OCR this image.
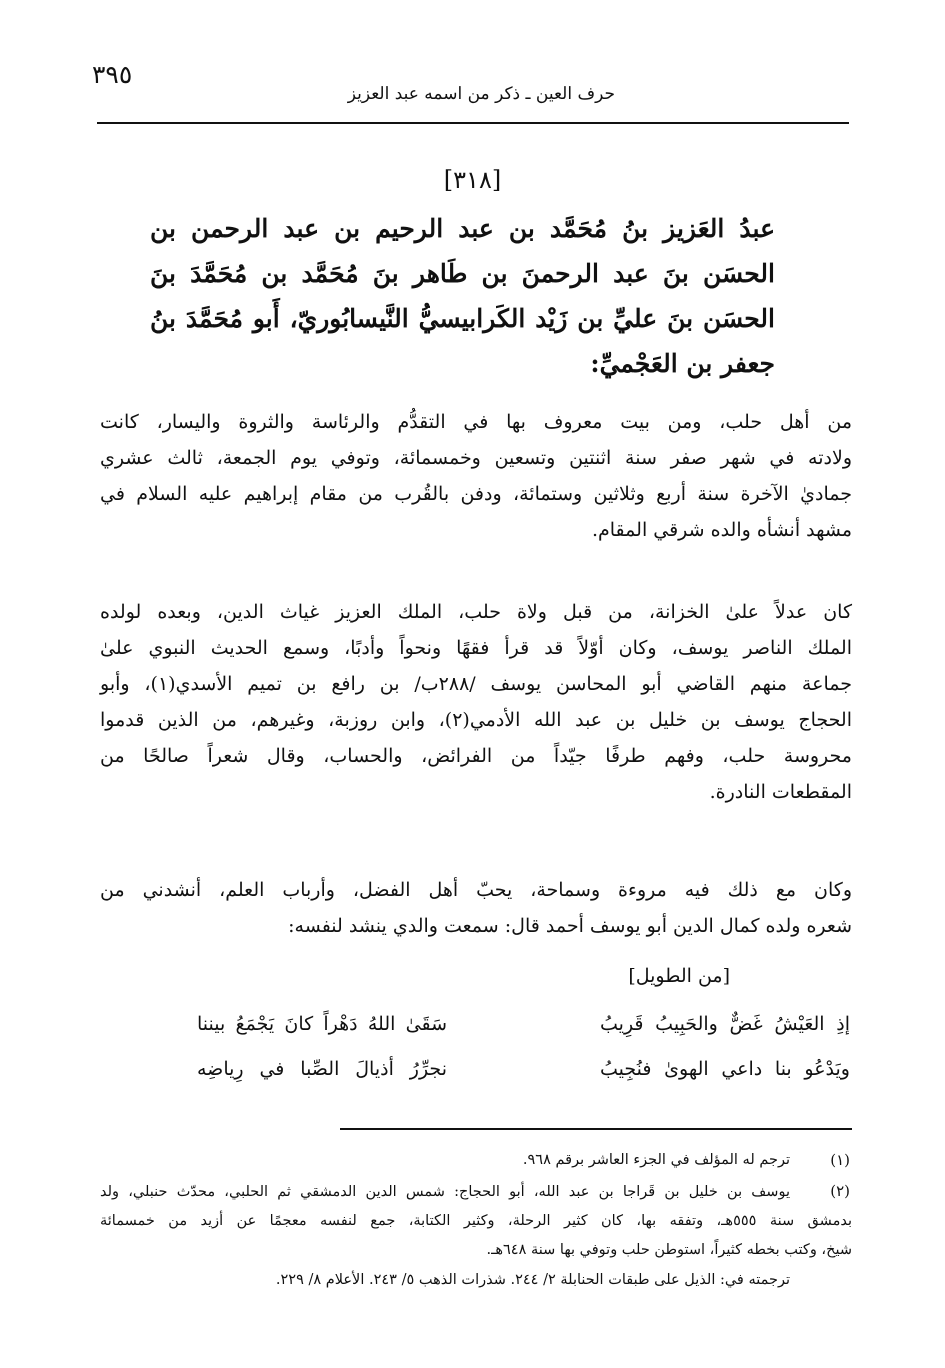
٣٩٥
حرف العين ـ ذكر من اسمه عبد العزيز
[٣١٨]
عبدُ العَزيز بنُ مُحَمَّد بن عبد الرحيم بن عبد الرحمن بن
الحسَن بنَ عبد الرحمنَ بن طَاهر بنَ مُحَمَّد بن مُحَمَّدَ بنَ
الحسَن بنَ عليِّ بن زَيْد الكَرابيسيُّ النَّيسابُوريّ، أَبو مُحَمَّدَ بنُ
جعفر بن العَجْميِّ:
من أهل حلب، ومن بيت معروف بها في التقدُّم والرئاسة والثروة واليسار، كانت
ولادته في شهر صفر سنة اثنتين وتسعين وخمسمائة، وتوفي يوم الجمعة، ثالث عشري
جماديٰ الآخرة سنة أربع وثلاثين وستمائة، ودفن بالقُرب من مقام إبراهيم عليه السلام في
مشهد أنشأه والده شرقي المقام.
كان عدلاً علىٰ الخزانة، من قبل ولاة حلب، الملك العزيز غياث الدين، وبعده لولده
الملك الناصر يوسف، وكان أوّلاً قد قرأ فقهًا ونحواً وأدبًا، وسمع الحديث النبوي علىٰ
جماعة منهم القاضي أبو المحاسن يوسف /٢٨٨ب/ بن رافع بن تميم الأسدي(١)، وأبو
الحجاج يوسف بن خليل بن عبد الله الأدمي(٢)، وابن روزبة، وغيرهم، من الذين قدموا
محروسة حلب، وفهم طرفًا جيّداً من الفرائض، والحساب، وقال شعراً صالحًا من
المقطعات النادرة.
وكان مع ذلك فيه مروءة وسماحة، يحبّ أهل الفضل، وأرباب العلم، أنشدني من
شعره ولده كمال الدين أبو يوسف أحمد قال: سمعت والدي ينشد لنفسه:
[من الطويل]
سَقَىٰ اللهُ دَهْراً كانَ يَجْمَعُ بيننا	إذِ العَيْشُ غَضٌّ والحَبِيبُ قَرِيبُ
نجرِّرُ أذيالَ الصِّبا في رِياضِه	ويَدْعُو بنا داعي الهوىٰ فنُجِيبُ
(١)
ترجم له المؤلف في الجزء العاشر برقم ٩٦٨.
(٢)
يوسف بن خليل بن قَراجا بن عبد الله، أبو الحجاج: شمس الدين الدمشقي ثم الحلبي، محدّث حنبلي، ولد
بدمشق سنة ٥٥٥هـ، وتفقه بها، كان كثير الرحلة، وكثير الكتابة، جمع لنفسه معجمًا عن أزيد من خمسمائة
شيخ، وكتب بخطه كثيراً، استوطن حلب وتوفي بها سنة ٦٤٨هـ.
ترجمته في: الذيل على طبقات الحنابلة ٢/ ٢٤٤. شذرات الذهب ٥/ ٢٤٣. الأعلام ٨/ ٢٢٩.
